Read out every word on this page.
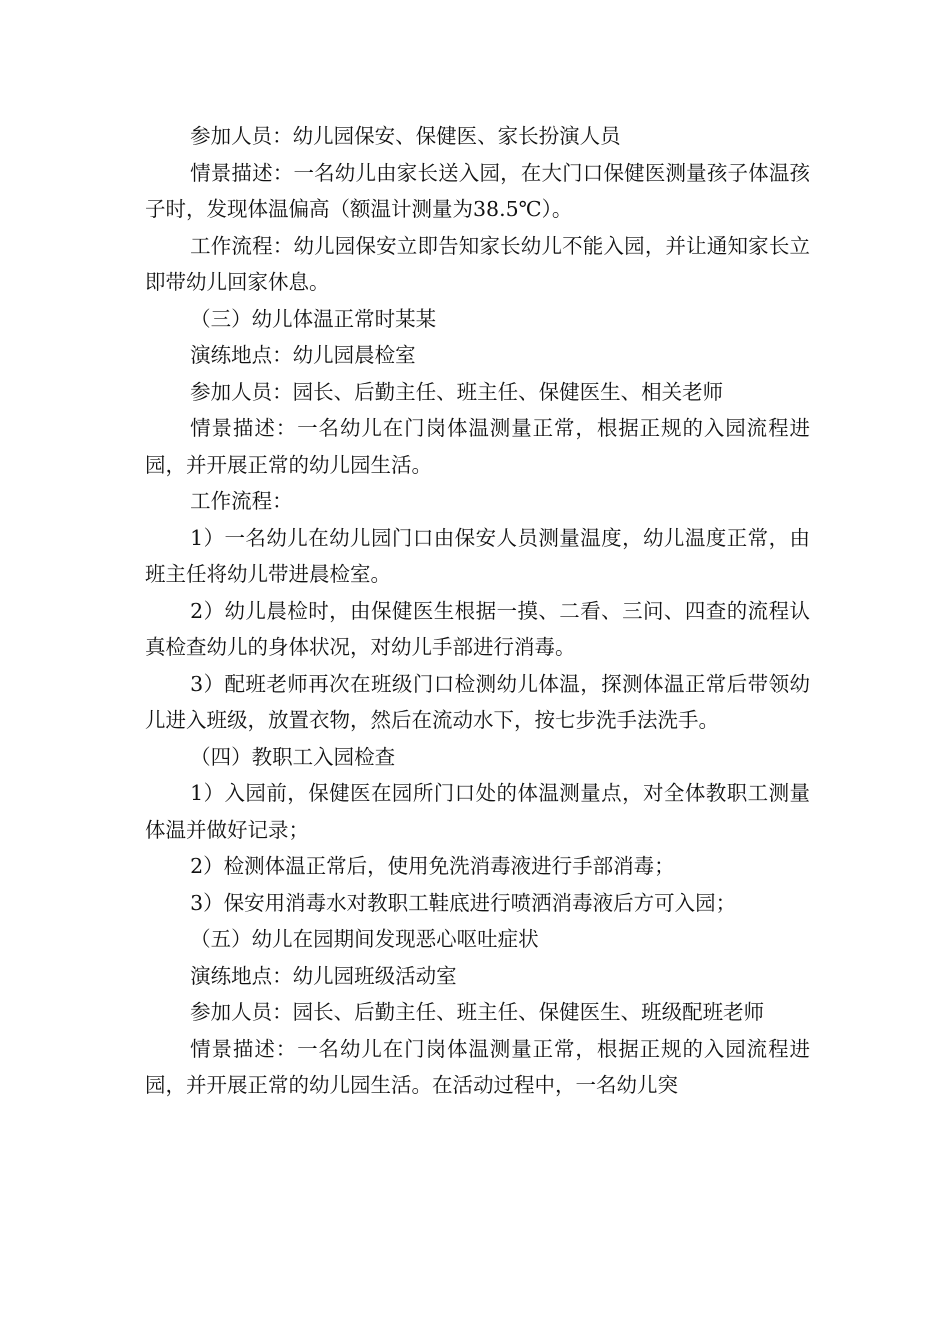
参加人员：幼儿园保安、保健医、家长扮演人员

情景描述：一名幼儿由家长送入园，在大门口保健医测量孩子体温孩子时，发现体温偏高（额温计测量为38.5℃）。

工作流程：幼儿园保安立即告知家长幼儿不能入园，并让通知家长立即带幼儿回家休息。

（三）幼儿体温正常时某某

演练地点：幼儿园晨检室

参加人员：园长、后勤主任、班主任、保健医生、相关老师

情景描述：一名幼儿在门岗体温测量正常，根据正规的入园流程进园，并开展正常的幼儿园生活。

工作流程：

1）一名幼儿在幼儿园门口由保安人员测量温度，幼儿温度正常，由班主任将幼儿带进晨检室。

2）幼儿晨检时，由保健医生根据一摸、二看、三问、四查的流程认真检查幼儿的身体状况，对幼儿手部进行消毒。

3）配班老师再次在班级门口检测幼儿体温，探测体温正常后带领幼儿进入班级，放置衣物，然后在流动水下，按七步洗手法洗手。

（四）教职工入园检查

1）入园前，保健医在园所门口处的体温测量点，对全体教职工测量体温并做好记录；

2）检测体温正常后，使用免洗消毒液进行手部消毒；

3）保安用消毒水对教职工鞋底进行喷洒消毒液后方可入园；

（五）幼儿在园期间发现恶心呕吐症状

演练地点：幼儿园班级活动室

参加人员：园长、后勤主任、班主任、保健医生、班级配班老师

情景描述：一名幼儿在门岗体温测量正常，根据正规的入园流程进园，并开展正常的幼儿园生活。在活动过程中，一名幼儿突
